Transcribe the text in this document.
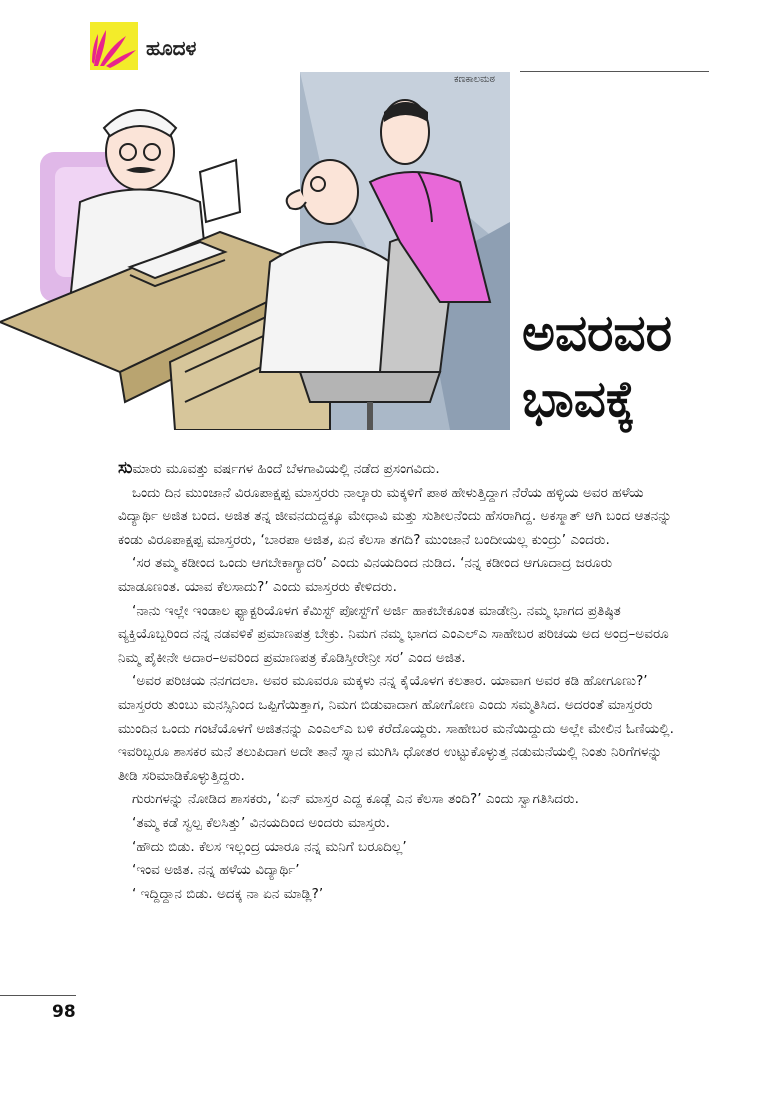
ಹೂದಳ
ಕಣಕಾಲಮಠ
ಅವರವರ
ಭಾವಕ್ಕೆ

ಸುಮಾರು ಮೂವತ್ತು ವರ್ಷಗಳ ಹಿಂದೆ ಬೆಳಗಾವಿಯಲ್ಲಿ ನಡೆದ ಪ್ರಸಂಗವಿದು.

ಒಂದು ದಿನ ಮುಂಜಾನೆ ವಿರೂಪಾಕ್ಷಪ್ಪ ಮಾಸ್ತರರು ನಾಲ್ಕಾರು ಮಕ್ಕಳಿಗೆ ಪಾಠ ಹೇಳುತ್ತಿದ್ದಾಗ ನೆರೆಯ ಹಳ್ಳಿಯ ಅವರ ಹಳೆಯ ವಿದ್ಯಾರ್ಥಿ ಅಜಿತ ಬಂದ. ಅಜಿತ ತನ್ನ ಜೀವನದುದ್ದಕ್ಕೂ ಮೇಧಾವಿ ಮತ್ತು ಸುಶೀಲನೆಂದು ಹೆಸರಾಗಿದ್ದ. ಅಕಸ್ಮಾತ್ ಆಗಿ ಬಂದ ಆತನನ್ನು ಕಂಡು ವಿರೂಪಾಕ್ಷಪ್ಪ ಮಾಸ್ತರರು, ‘ಬಾರಪಾ ಅಜಿತ, ಏನ ಕೆಲಸಾ ತಗದಿ? ಮುಂಜಾನೆ ಬಂದೀಯಲ್ಲ ಕುಂದ್ರು’ ಎಂದರು.

‘ಸರ ತಮ್ಮ ಕಡೀಂದ ಒಂದು ಆಗಬೇಕಾಗ್ಯಾದರಿ’ ಎಂದು ವಿನಯದಿಂದ ನುಡಿದ. ‘ನನ್ನ ಕಡೀಂದ ಆಗೂದಾದ್ರ ಜರೂರು ಮಾಡೂಣಂತ. ಯಾವ ಕೆಲಸಾದು?’ ಎಂದು ಮಾಸ್ತರರು ಕೇಳಿದರು.

‘ನಾನು ಇಲ್ಲೇ ಇಂಡಾಲ ಫ್ಯಾಕ್ಟರಿಯೊಳಗ ಕೆಮಿಸ್ಟ್ ಪೋಸ್ಟ್‌ಗೆ ಅರ್ಜಿ ಹಾಕಬೇಕೂಂತ ಮಾಡೇನ್ರಿ. ನಮ್ಮ ಭಾಗದ ಪ್ರತಿಷ್ಠಿತ ವ್ಯಕ್ತಿಯೊಬ್ಬರಿಂದ ನನ್ನ ನಡವಳಿಕೆ ಪ್ರಮಾಣಪತ್ರ ಬೇಕ್ರು. ನಿಮಗ ನಮ್ಮ ಭಾಗದ ಎಂಎಲ್‌ಎ ಸಾಹೇಬರ ಪರಿಚಯ ಅದ ಅಂದ್ರ–ಅವರೂ ನಿಮ್ಮ ಪೈಕೀನೇ ಅದಾರ–ಅವರಿಂದ ಪ್ರಮಾಣಪತ್ರ ಕೊಡಿಸ್ತೀರೇನ್ರೀ ಸರ’ ಎಂದ ಅಜಿತ.

‘ಅವರ ಪರಿಚಯ ನನಗದಲಾ. ಅವರ ಮೂವರೂ ಮಕ್ಕಳು ನನ್ನ ಕೈಯೊಳಗ ಕಲತಾರ. ಯಾವಾಗ ಅವರ ಕಡಿ ಹೋಗೂಣು?’ ಮಾಸ್ತರರು ತುಂಬು ಮನಸ್ಸಿನಿಂದ ಒಪ್ಪಿಗೆಯಿತ್ತಾಗ, ನಿಮಗ ಬಿಡುವಾದಾಗ ಹೋಗೋಣ ಎಂದು ಸಮ್ಮತಿಸಿದ. ಅದರಂತೆ ಮಾಸ್ತರರು ಮುಂದಿನ ಒಂದು ಗಂಟೆಯೊಳಗೆ ಅಜಿತನನ್ನು ಎಂಎಲ್‌ಎ ಬಳಿ ಕರೆದೊಯ್ದರು. ಸಾಹೇಬರ ಮನೆಯಿದ್ದುದು ಅಲ್ಲೇ ಮೇಲಿನ ಓಣಿಯಲ್ಲಿ. ಇವರಿಬ್ಬರೂ ಶಾಸಕರ ಮನೆ ತಲುಪಿದಾಗ ಅದೇ ತಾನೆ ಸ್ನಾನ ಮುಗಿಸಿ ಧೋತರ ಉಟ್ಟುಕೊಳ್ಳುತ್ತ ನಡುಮನೆಯಲ್ಲಿ ನಿಂತು ನಿರಿಗೆಗಳನ್ನು ತೀಡಿ ಸರಿಮಾಡಿಕೊಳ್ಳುತ್ತಿದ್ದರು.

ಗುರುಗಳನ್ನು ನೋಡಿದ ಶಾಸಕರು, ‘ಏನ್ ಮಾಸ್ತರ ಎದ್ದ ಕೂಡ್ಲೆ ಎನ ಕೆಲಸಾ ತಂದಿ?’ ಎಂದು ಸ್ವಾಗತಿಸಿದರು.

‘ತಮ್ಮ ಕಡೆ ಸ್ವಲ್ಪ ಕೆಲಸಿತ್ತು’ ವಿನಯದಿಂದ ಅಂದರು ಮಾಸ್ತರು.

‘ಹೌದು ಬಿಡು. ಕೆಲಸ ಇಲ್ಲಂದ್ರ ಯಾರೂ ನನ್ನ ಮನಿಗೆ ಬರೂದಿಲ್ಲ’

‘ಇಂವ ಅಜಿತ. ನನ್ನ ಹಳೆಯ ವಿದ್ಯಾರ್ಥಿ’

‘ ಇದ್ದಿದ್ದಾನ ಬಿಡು. ಅದಕ್ಕ ನಾ ಏನ ಮಾಡ್ಲಿ?’

98
